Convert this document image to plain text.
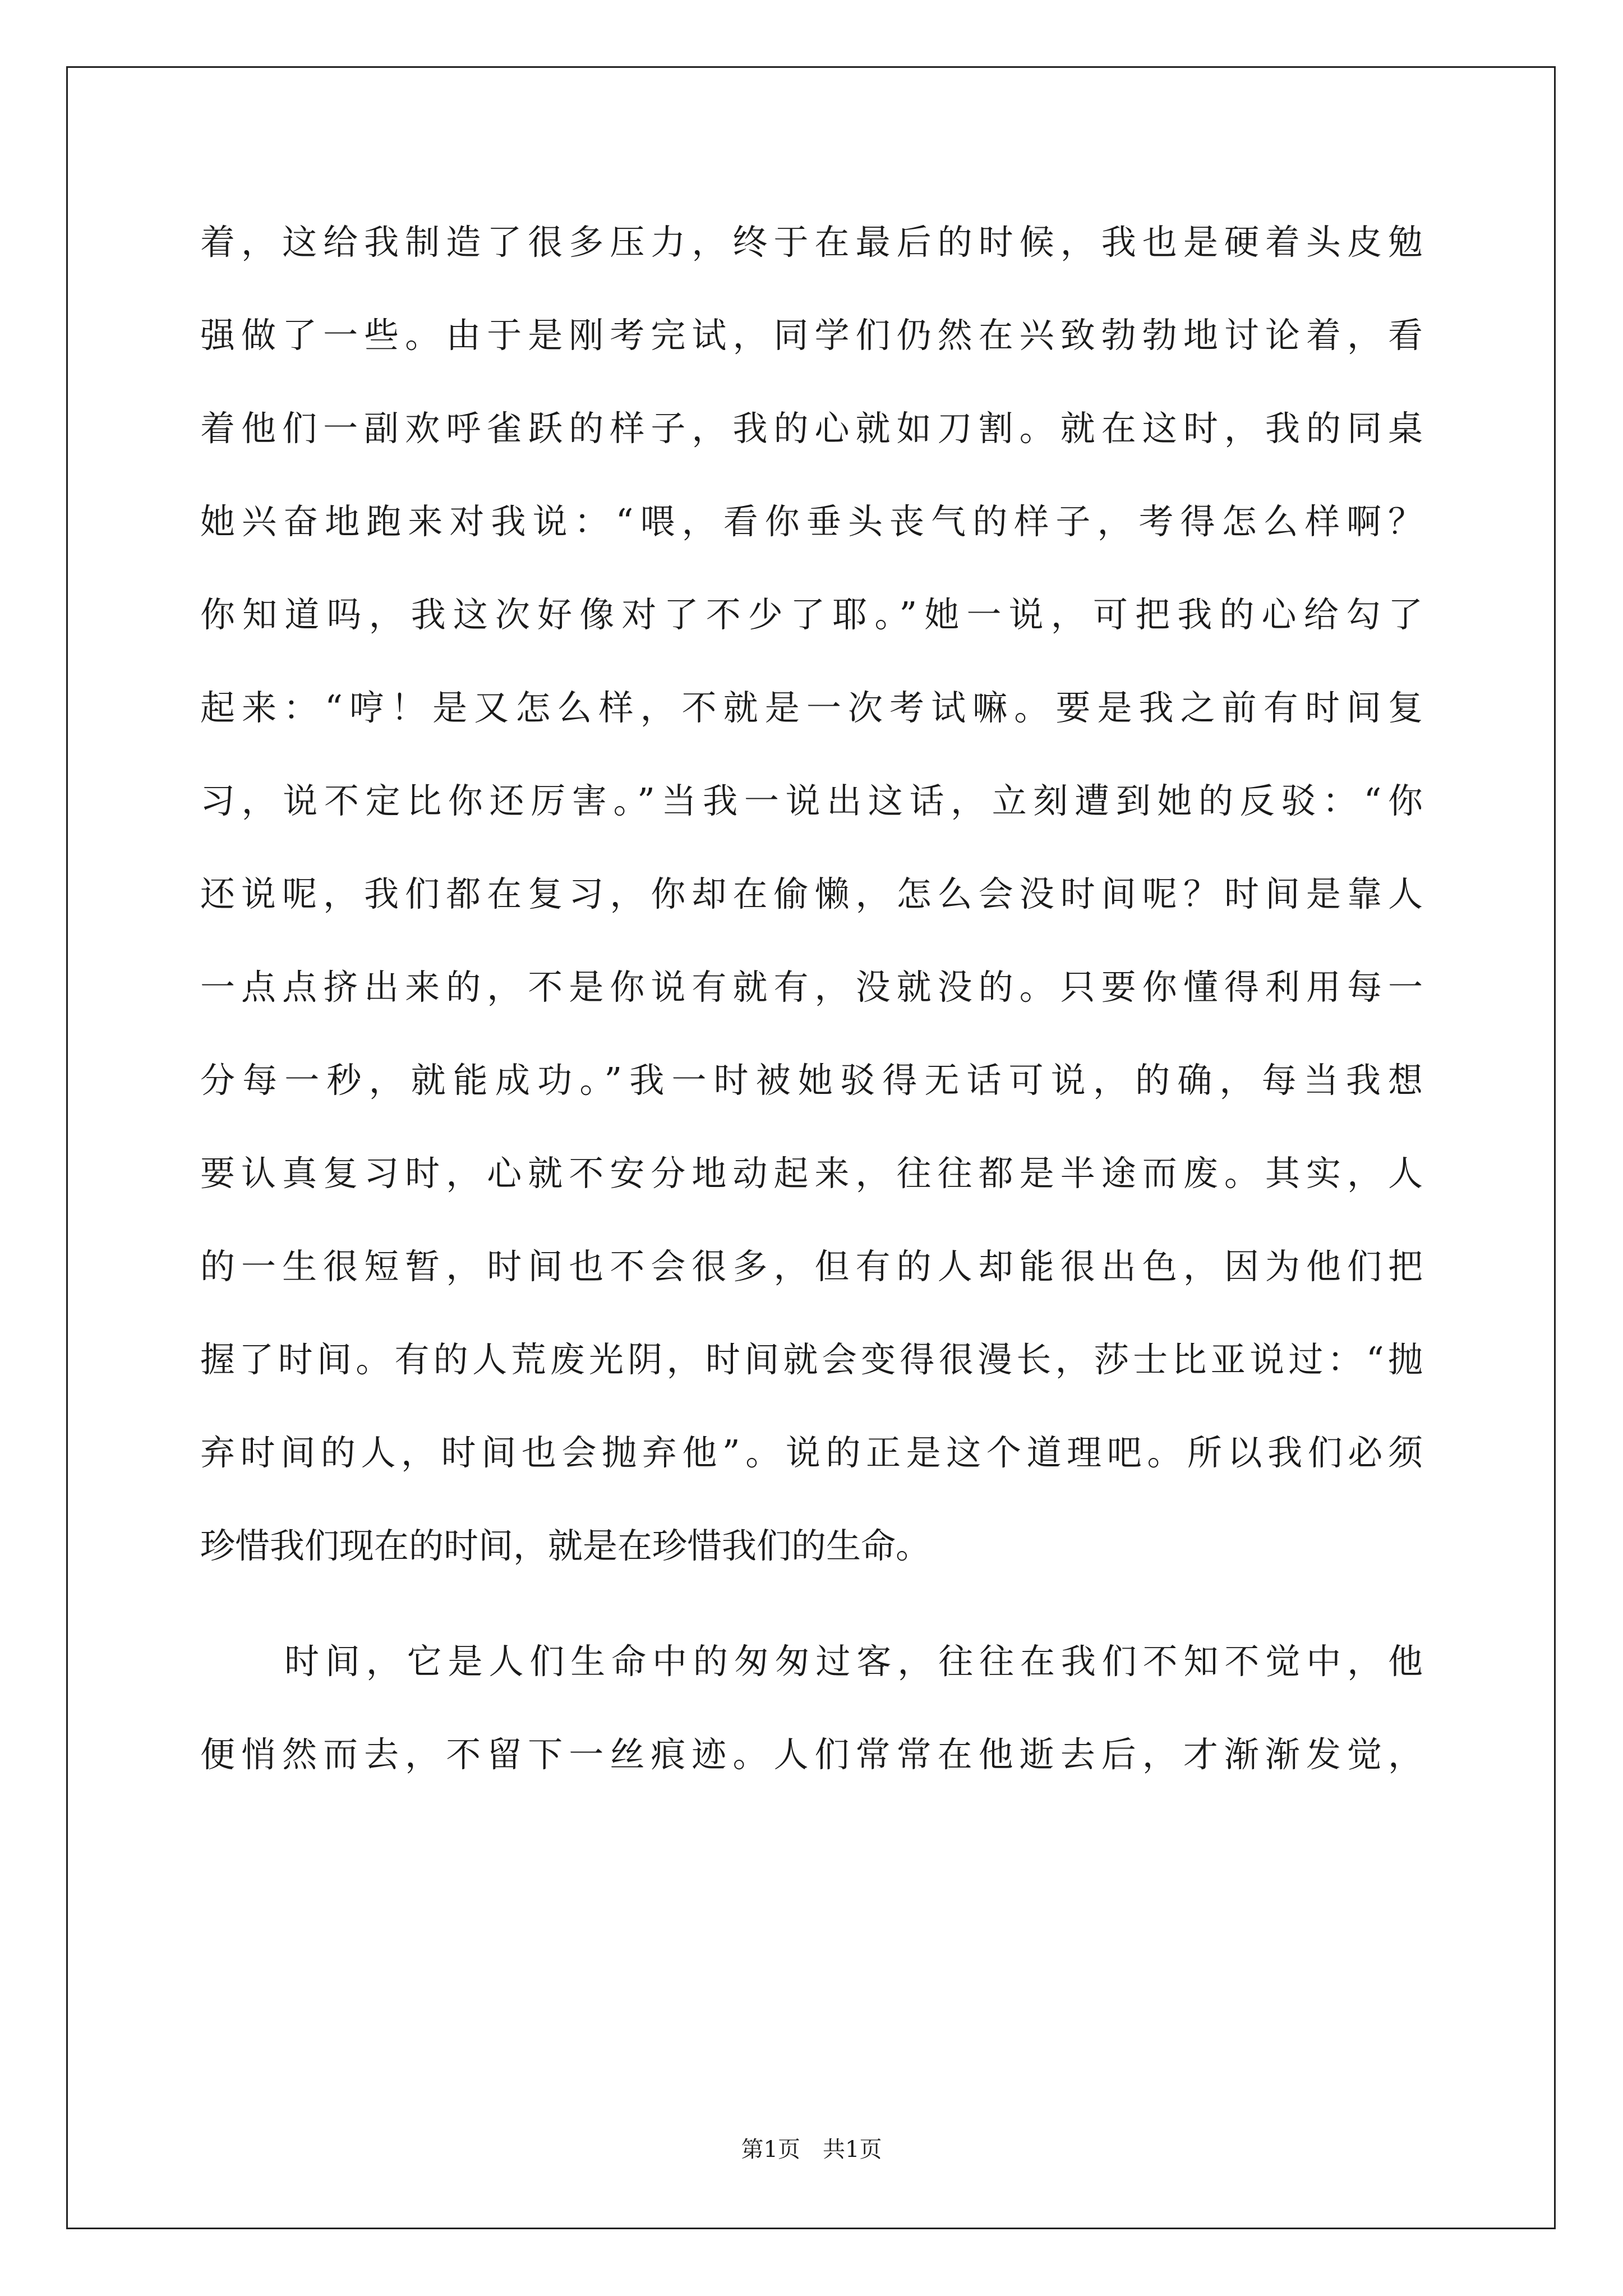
着，这给我制造了很多压力，终于在最后的时候，我也是硬着头皮勉
强做了一些。由于是刚考完试，同学们仍然在兴致勃勃地讨论着，看
着他们一副欢呼雀跃的样子，我的心就如刀割。就在这时，我的同桌
她兴奋地跑来对我说：“喂，看你垂头丧气的样子，考得怎么样啊？
你知道吗，我这次好像对了不少了耶。”她一说，可把我的心给勾了
起来：“哼！是又怎么样，不就是一次考试嘛。要是我之前有时间复
习，说不定比你还厉害。”当我一说出这话，立刻遭到她的反驳：“你
还说呢，我们都在复习，你却在偷懒，怎么会没时间呢？时间是靠人
一点点挤出来的，不是你说有就有，没就没的。只要你懂得利用每一
分每一秒，就能成功。”我一时被她驳得无话可说，的确，每当我想
要认真复习时，心就不安分地动起来，往往都是半途而废。其实，人
的一生很短暂，时间也不会很多，但有的人却能很出色，因为他们把
握了时间。有的人荒废光阴，时间就会变得很漫长，莎士比亚说过：“抛
弃时间的人，时间也会抛弃他”。说的正是这个道理吧。所以我们必须
珍惜我们现在的时间，就是在珍惜我们的生命。
时间，它是人们生命中的匆匆过客，往往在我们不知不觉中，他
便悄然而去，不留下一丝痕迹。人们常常在他逝去后，才渐渐发觉，
第1页　共1页
